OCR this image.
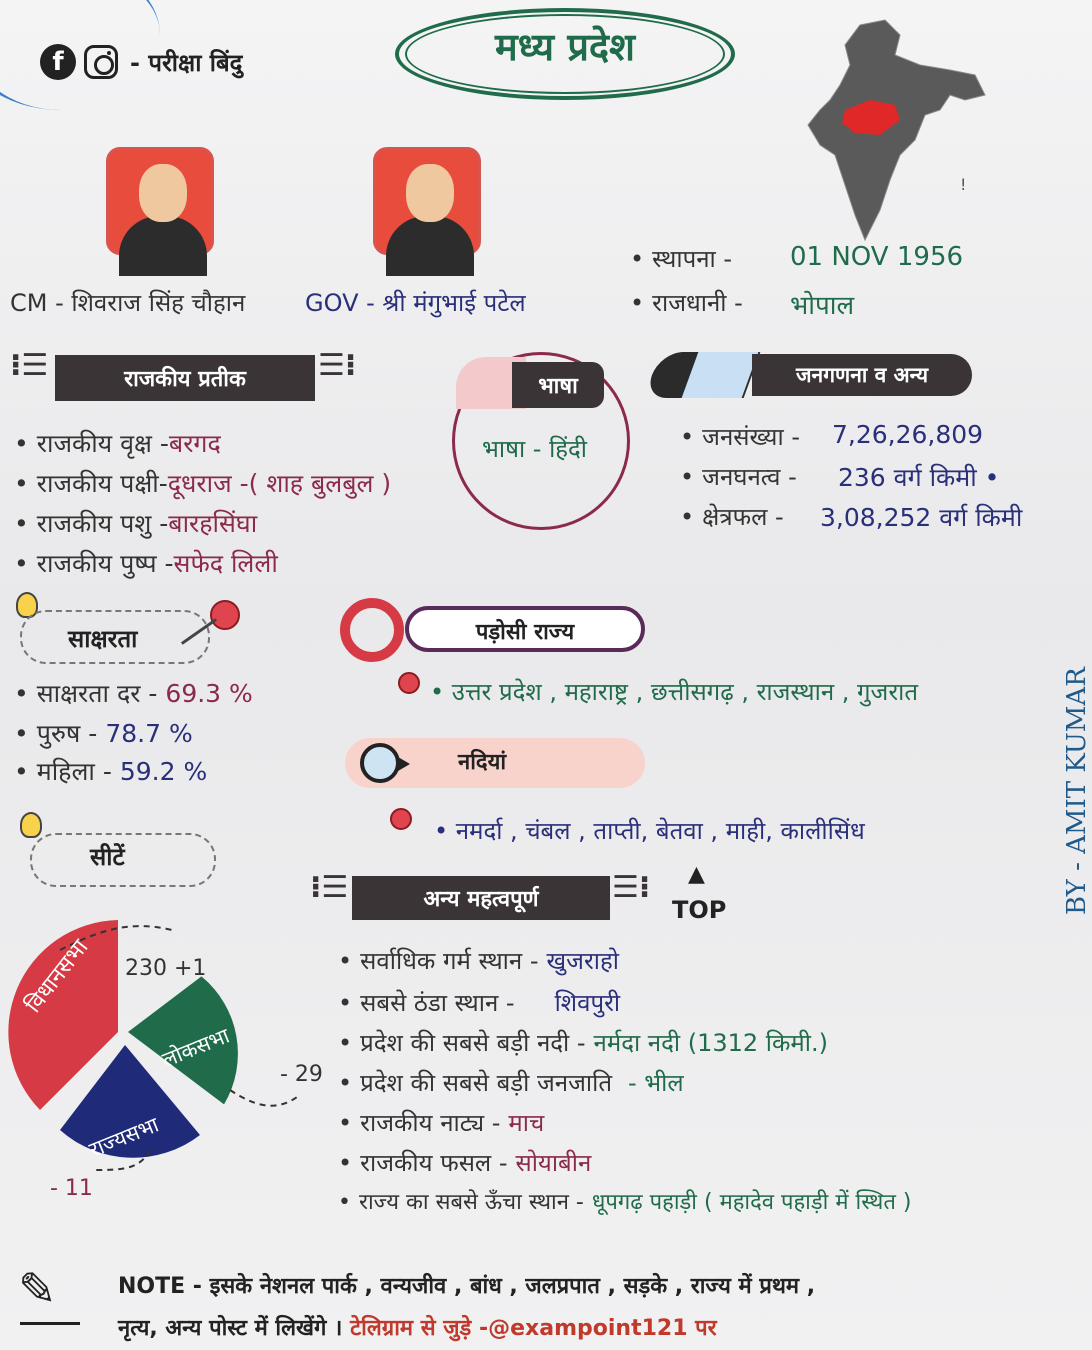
f	- परीक्षा बिंदु	मध्य प्रदेश
!
CM - शिवराज सिंह चौहान GOV - श्री मंगुभाई पटेल
• स्थापना - 01 NOV 1956
• राजधानी - भोपाल
⁝☰	राजकीय प्रतीक	☰⁝
• राजकीय वृक्ष -बरगद
• राजकीय पक्षी-दूधराज -( शाह बुलबुल )
• राजकीय पशु -बारहसिंघा
• राजकीय पुष्प -सफेद लिली
भाषा
भाषा - हिंदी
जनगणना व अन्य
• जनसंख्या - 7,26,26,809
• जनघनत्व - 236 वर्ग किमी •
• क्षेत्रफल - 3,08,252 वर्ग किमी
साक्षरता
• साक्षरता दर - 69.3 %
• पुरुष - 78.7 %
• महिला - 59.2 %
पड़ोसी राज्य
• उत्तर प्रदेश , महाराष्ट्र , छत्तीसगढ़ , राजस्थान , गुजरात
नदियां
• नमर्दा , चंबल , ताप्ती, बेतवा , माही, कालीसिंध
सीटें
विधानसभा 230 +1
लोकसभा
- 29
राज्यसभा
- 11
⁝☰	अन्य महत्वपूर्ण	☰⁝ ▲
TOP
• सर्वाधिक गर्म स्थान - खुजराहो
• सबसे ठंडा स्थान - शिवपुरी
• प्रदेश की सबसे बड़ी नदी - नर्मदा नदी (1312 किमी.)
• प्रदेश की सबसे बड़ी जनजाति - भील
• राजकीय नाट्य - माच
• राजकीय फसल - सोयाबीन
• राज्य का सबसे ऊँचा स्थान - धूपगढ़ पहाड़ी ( महादेव पहाड़ी में स्थित )
BY - AMIT KUMAR
✎	NOTE - इसके नेशनल पार्क , वन्यजीव , बांध , जलप्रपात , सड़के , राज्य में प्रथम ,
नृत्य, अन्य पोस्ट में लिखेंगे । टेलिग्राम से जुड़े -@exampoint121 पर
